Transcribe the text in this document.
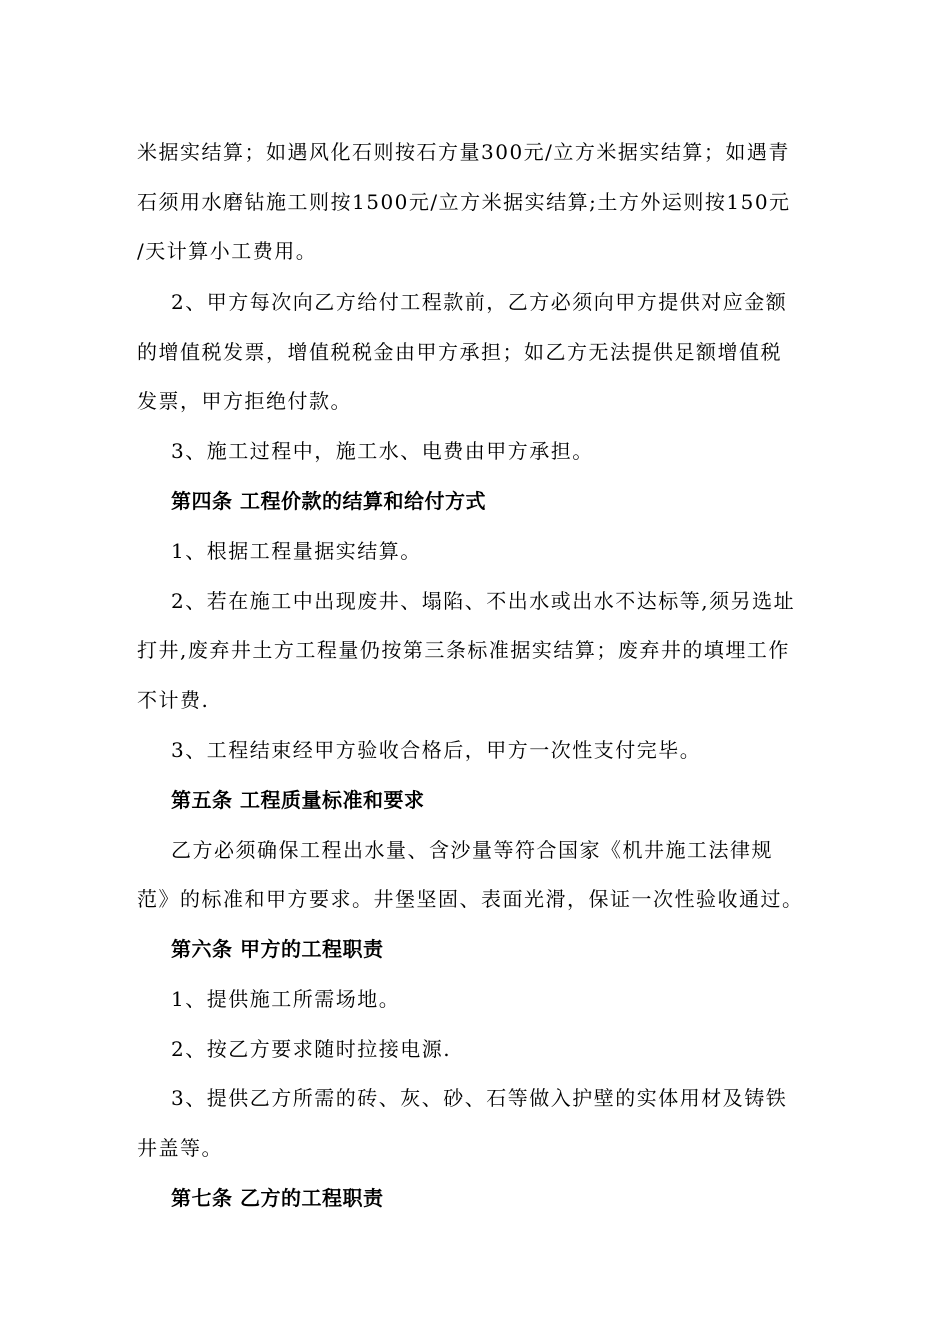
米据实结算；如遇风化石则按石方量300元/立方米据实结算；如遇青
石须用水磨钻施工则按1500元/立方米据实结算;土方外运则按150元
/天计算小工费用。
2、甲方每次向乙方给付工程款前，乙方必须向甲方提供对应金额
的增值税发票，增值税税金由甲方承担；如乙方无法提供足额增值税
发票，甲方拒绝付款。
3、施工过程中，施工水、电费由甲方承担。
第四条 工程价款的结算和给付方式
1、根据工程量据实结算。
2、若在施工中出现废井、塌陷、不出水或出水不达标等,须另选址
打井,废弃井土方工程量仍按第三条标准据实结算；废弃井的填埋工作
不计费.
3、工程结束经甲方验收合格后，甲方一次性支付完毕。
第五条 工程质量标准和要求
乙方必须确保工程出水量、含沙量等符合国家《机井施工法律规
范》的标准和甲方要求。井堡坚固、表面光滑，保证一次性验收通过。
第六条 甲方的工程职责
1、提供施工所需场地。
2、按乙方要求随时拉接电源.
3、提供乙方所需的砖、灰、砂、石等做入护壁的实体用材及铸铁
井盖等。
第七条 乙方的工程职责
